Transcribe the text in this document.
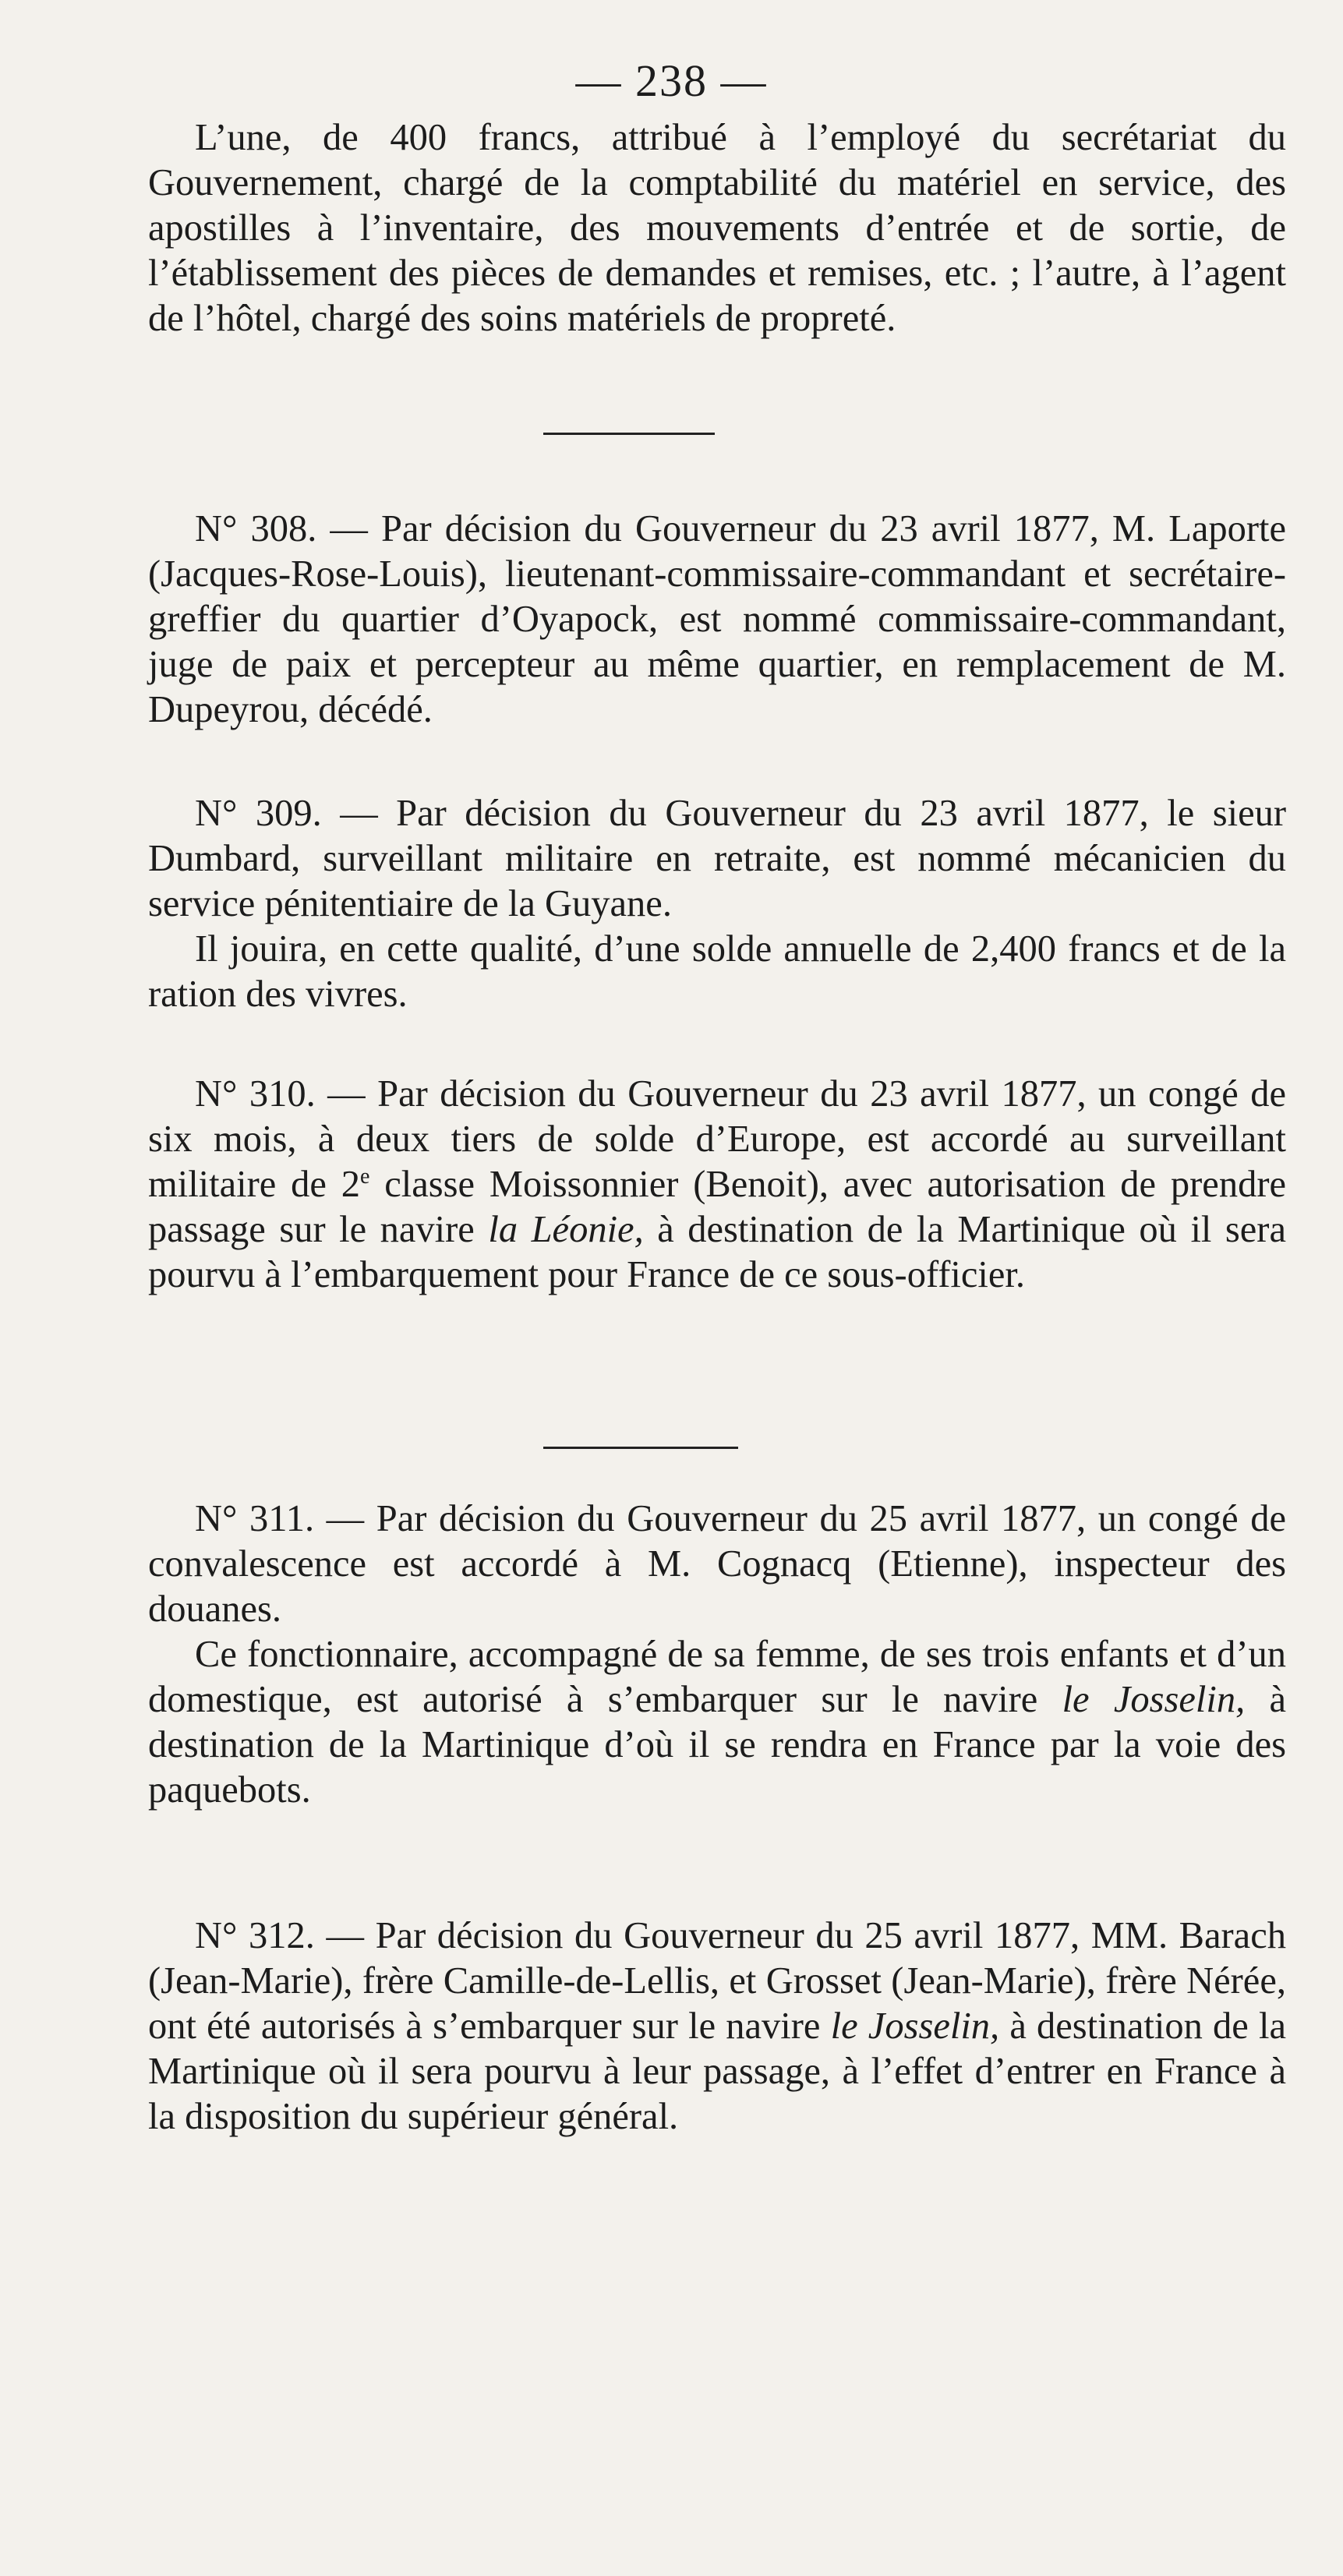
— 238 —

L’une, de 400 francs, attribué à l’employé du secrétariat du Gouvernement, chargé de la comptabilité du matériel en service, des apostilles à l’inventaire, des mouvements d’entrée et de sortie, de l’établissement des pièces de demandes et remises, etc. ; l’autre, à l’agent de l’hôtel, chargé des soins matériels de propreté.

N° 308. — Par décision du Gouverneur du 23 avril 1877, M. Laporte (Jacques-Rose-Louis), lieutenant-commissaire-commandant et secrétaire-greffier du quartier d’Oyapock, est nommé commissaire-commandant, juge de paix et percepteur au même quartier, en remplacement de M. Dupeyrou, décédé.

N° 309. — Par décision du Gouverneur du 23 avril 1877, le sieur Dumbard, surveillant militaire en retraite, est nommé mécanicien du service pénitentiaire de la Guyane.

Il jouira, en cette qualité, d’une solde annuelle de 2,400 francs et de la ration des vivres.

N° 310. — Par décision du Gouverneur du 23 avril 1877, un congé de six mois, à deux tiers de solde d’Europe, est accordé au surveillant militaire de 2e classe Moissonnier (Benoit), avec autorisation de prendre passage sur le navire la Léonie, à destination de la Martinique où il sera pourvu à l’embarquement pour France de ce sous-officier.

N° 311. — Par décision du Gouverneur du 25 avril 1877, un congé de convalescence est accordé à M. Cognacq (Etienne), inspecteur des douanes.

Ce fonctionnaire, accompagné de sa femme, de ses trois enfants et d’un domestique, est autorisé à s’embarquer sur le navire le Josselin, à destination de la Martinique d’où il se rendra en France par la voie des paquebots.

N° 312. — Par décision du Gouverneur du 25 avril 1877, MM. Barach (Jean-Marie), frère Camille-de-Lellis, et Grosset (Jean-Marie), frère Nérée, ont été autorisés à s’embarquer sur le navire le Josselin, à destination de la Martinique où il sera pourvu à leur passage, à l’effet d’entrer en France à la disposition du supérieur général.
